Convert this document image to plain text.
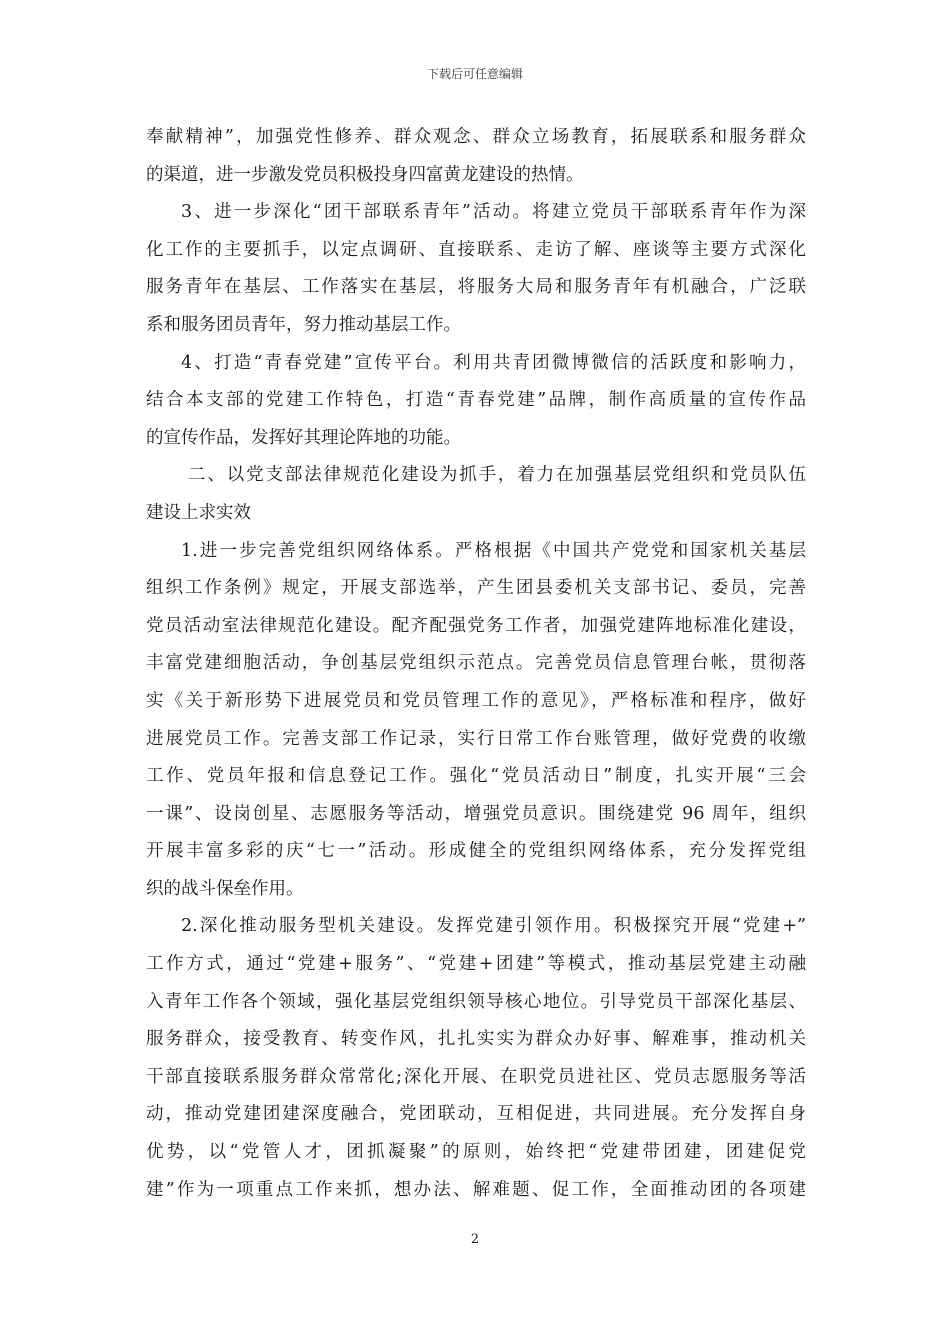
下载后可任意编辑
奉献精神”，加强党性修养、群众观念、群众立场教育，拓展联系和服务群众
的渠道，进一步激发党员积极投身四富黄龙建设的热情。
3、进一步深化“团干部联系青年”活动。将建立党员干部联系青年作为深
化工作的主要抓手，以定点调研、直接联系、走访了解、座谈等主要方式深化
服务青年在基层、工作落实在基层，将服务大局和服务青年有机融合，广泛联
系和服务团员青年，努力推动基层工作。
4、打造“青春党建”宣传平台。利用共青团微博微信的活跃度和影响力，
结合本支部的党建工作特色，打造“青春党建”品牌，制作高质量的宣传作品
的宣传作品，发挥好其理论阵地的功能。
二、以党支部法律规范化建设为抓手，着力在加强基层党组织和党员队伍
建设上求实效
1.进一步完善党组织网络体系。严格根据《中国共产党党和国家机关基层
组织工作条例》规定，开展支部选举，产生团县委机关支部书记、委员，完善
党员活动室法律规范化建设。配齐配强党务工作者，加强党建阵地标准化建设，
丰富党建细胞活动，争创基层党组织示范点。完善党员信息管理台帐，贯彻落
实《关于新形势下进展党员和党员管理工作的意见》，严格标准和程序，做好
进展党员工作。完善支部工作记录，实行日常工作台账管理，做好党费的收缴
工作、党员年报和信息登记工作。强化“党员活动日”制度，扎实开展“三会
一课”、设岗创星、志愿服务等活动，增强党员意识。围绕建党 96 周年，组织
开展丰富多彩的庆“七一”活动。形成健全的党组织网络体系，充分发挥党组
织的战斗保垒作用。
2.深化推动服务型机关建设。发挥党建引领作用。积极探究开展“党建+”
工作方式，通过“党建+服务”、“党建+团建”等模式，推动基层党建主动融
入青年工作各个领域，强化基层党组织领导核心地位。引导党员干部深化基层、
服务群众，接受教育、转变作风，扎扎实实为群众办好事、解难事，推动机关
干部直接联系服务群众常常化;深化开展、在职党员进社区、党员志愿服务等活
动，推动党建团建深度融合，党团联动，互相促进，共同进展。充分发挥自身
优势，以“党管人才，团抓凝聚”的原则，始终把“党建带团建，团建促党
建”作为一项重点工作来抓，想办法、解难题、促工作，全面推动团的各项建
2
